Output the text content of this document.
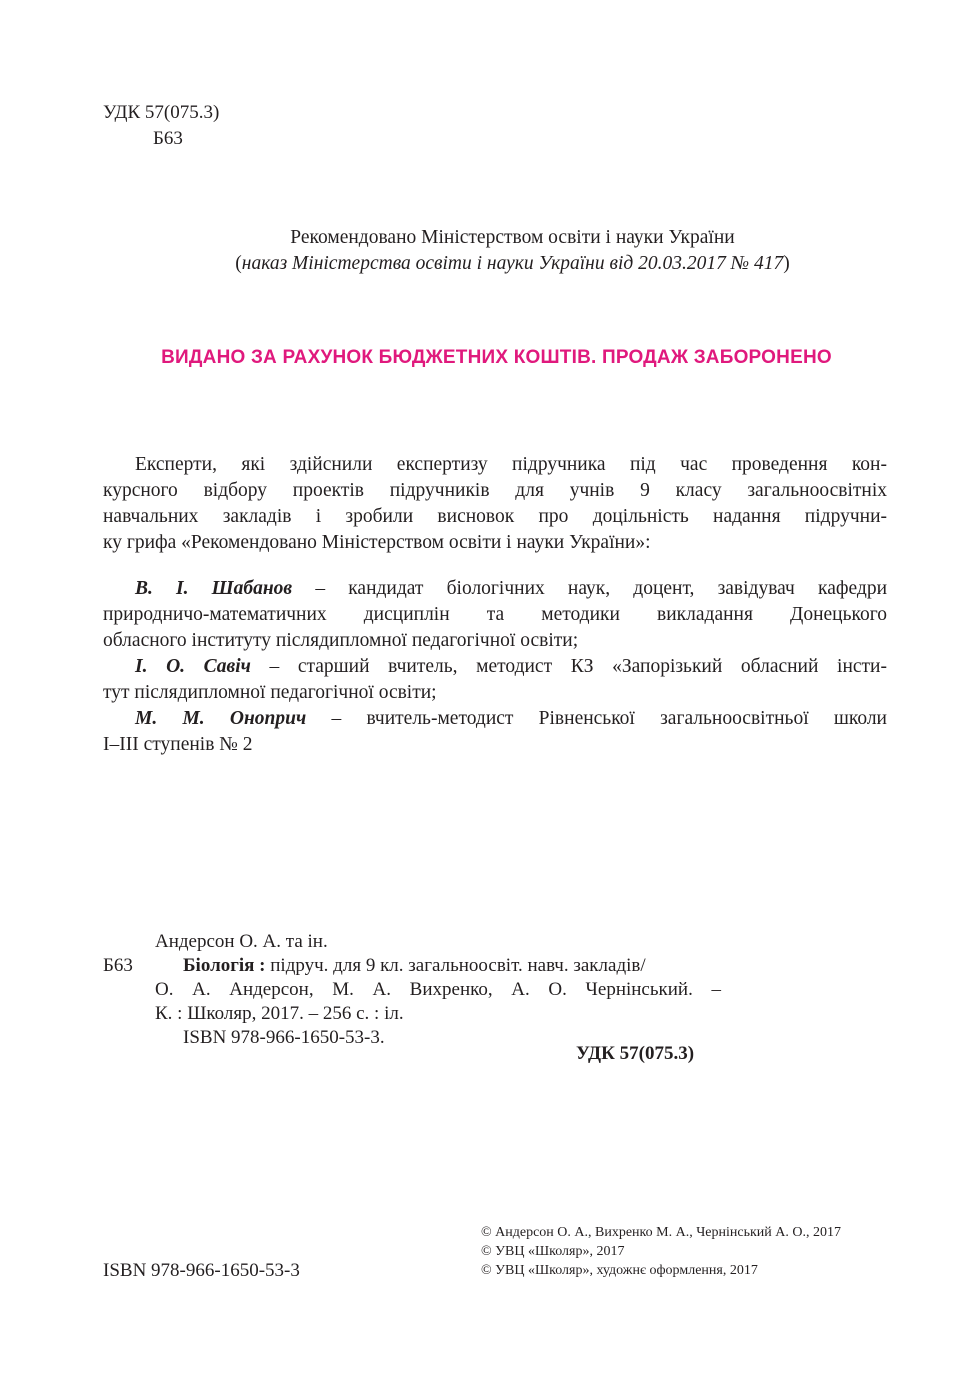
УДК 57(075.3)
Б63
Рекомендовано Міністерством освіти і науки України
(наказ Міністерства освіти і науки України від 20.03.2017 № 417)
ВИДАНО ЗА РАХУНОК БЮДЖЕТНИХ КОШТІВ. ПРОДАЖ ЗАБОРОНЕНО
Експерти, які здійснили експертизу підручника під час проведення кон-
курсного відбору проектів підручників для учнів 9 класу загальноосвітніх
навчальних закладів і зробили висновок про доцільність надання підручни-
ку грифа «Рекомендовано Міністерством освіти і науки України»:
В. І. Шабанов – кандидат біологічних наук, доцент, завідувач кафедри
природничо-математичних дисциплін та методики викладання Донецького
обласного інституту післядипломної педагогічної освіти;
І. О. Савіч – старший вчитель, методист КЗ «Запорізький обласний інсти-
тут післядипломної педагогічної освіти;
М. М. Оноприч – вчитель-методист Рівненської загальноосвітньої школи
І–ІІІ ступенів № 2
Андерсон О. А. та ін.
Б63	Біологія : підруч. для 9 кл. загальноосвіт. навч. закладів/
О. А. Андерсон, М. А. Вихренко, А. О. Чернінський. –
К. : Школяр, 2017. – 256 с. : іл.
ISBN 978-966-1650-53-3.
УДК 57(075.3)
© Андерсон О. А., Вихренко М. А., Чернінський А. О., 2017
© УВЦ «Школяр», 2017
© УВЦ «Школяр», художнє оформлення, 2017
ISBN 978-966-1650-53-3
